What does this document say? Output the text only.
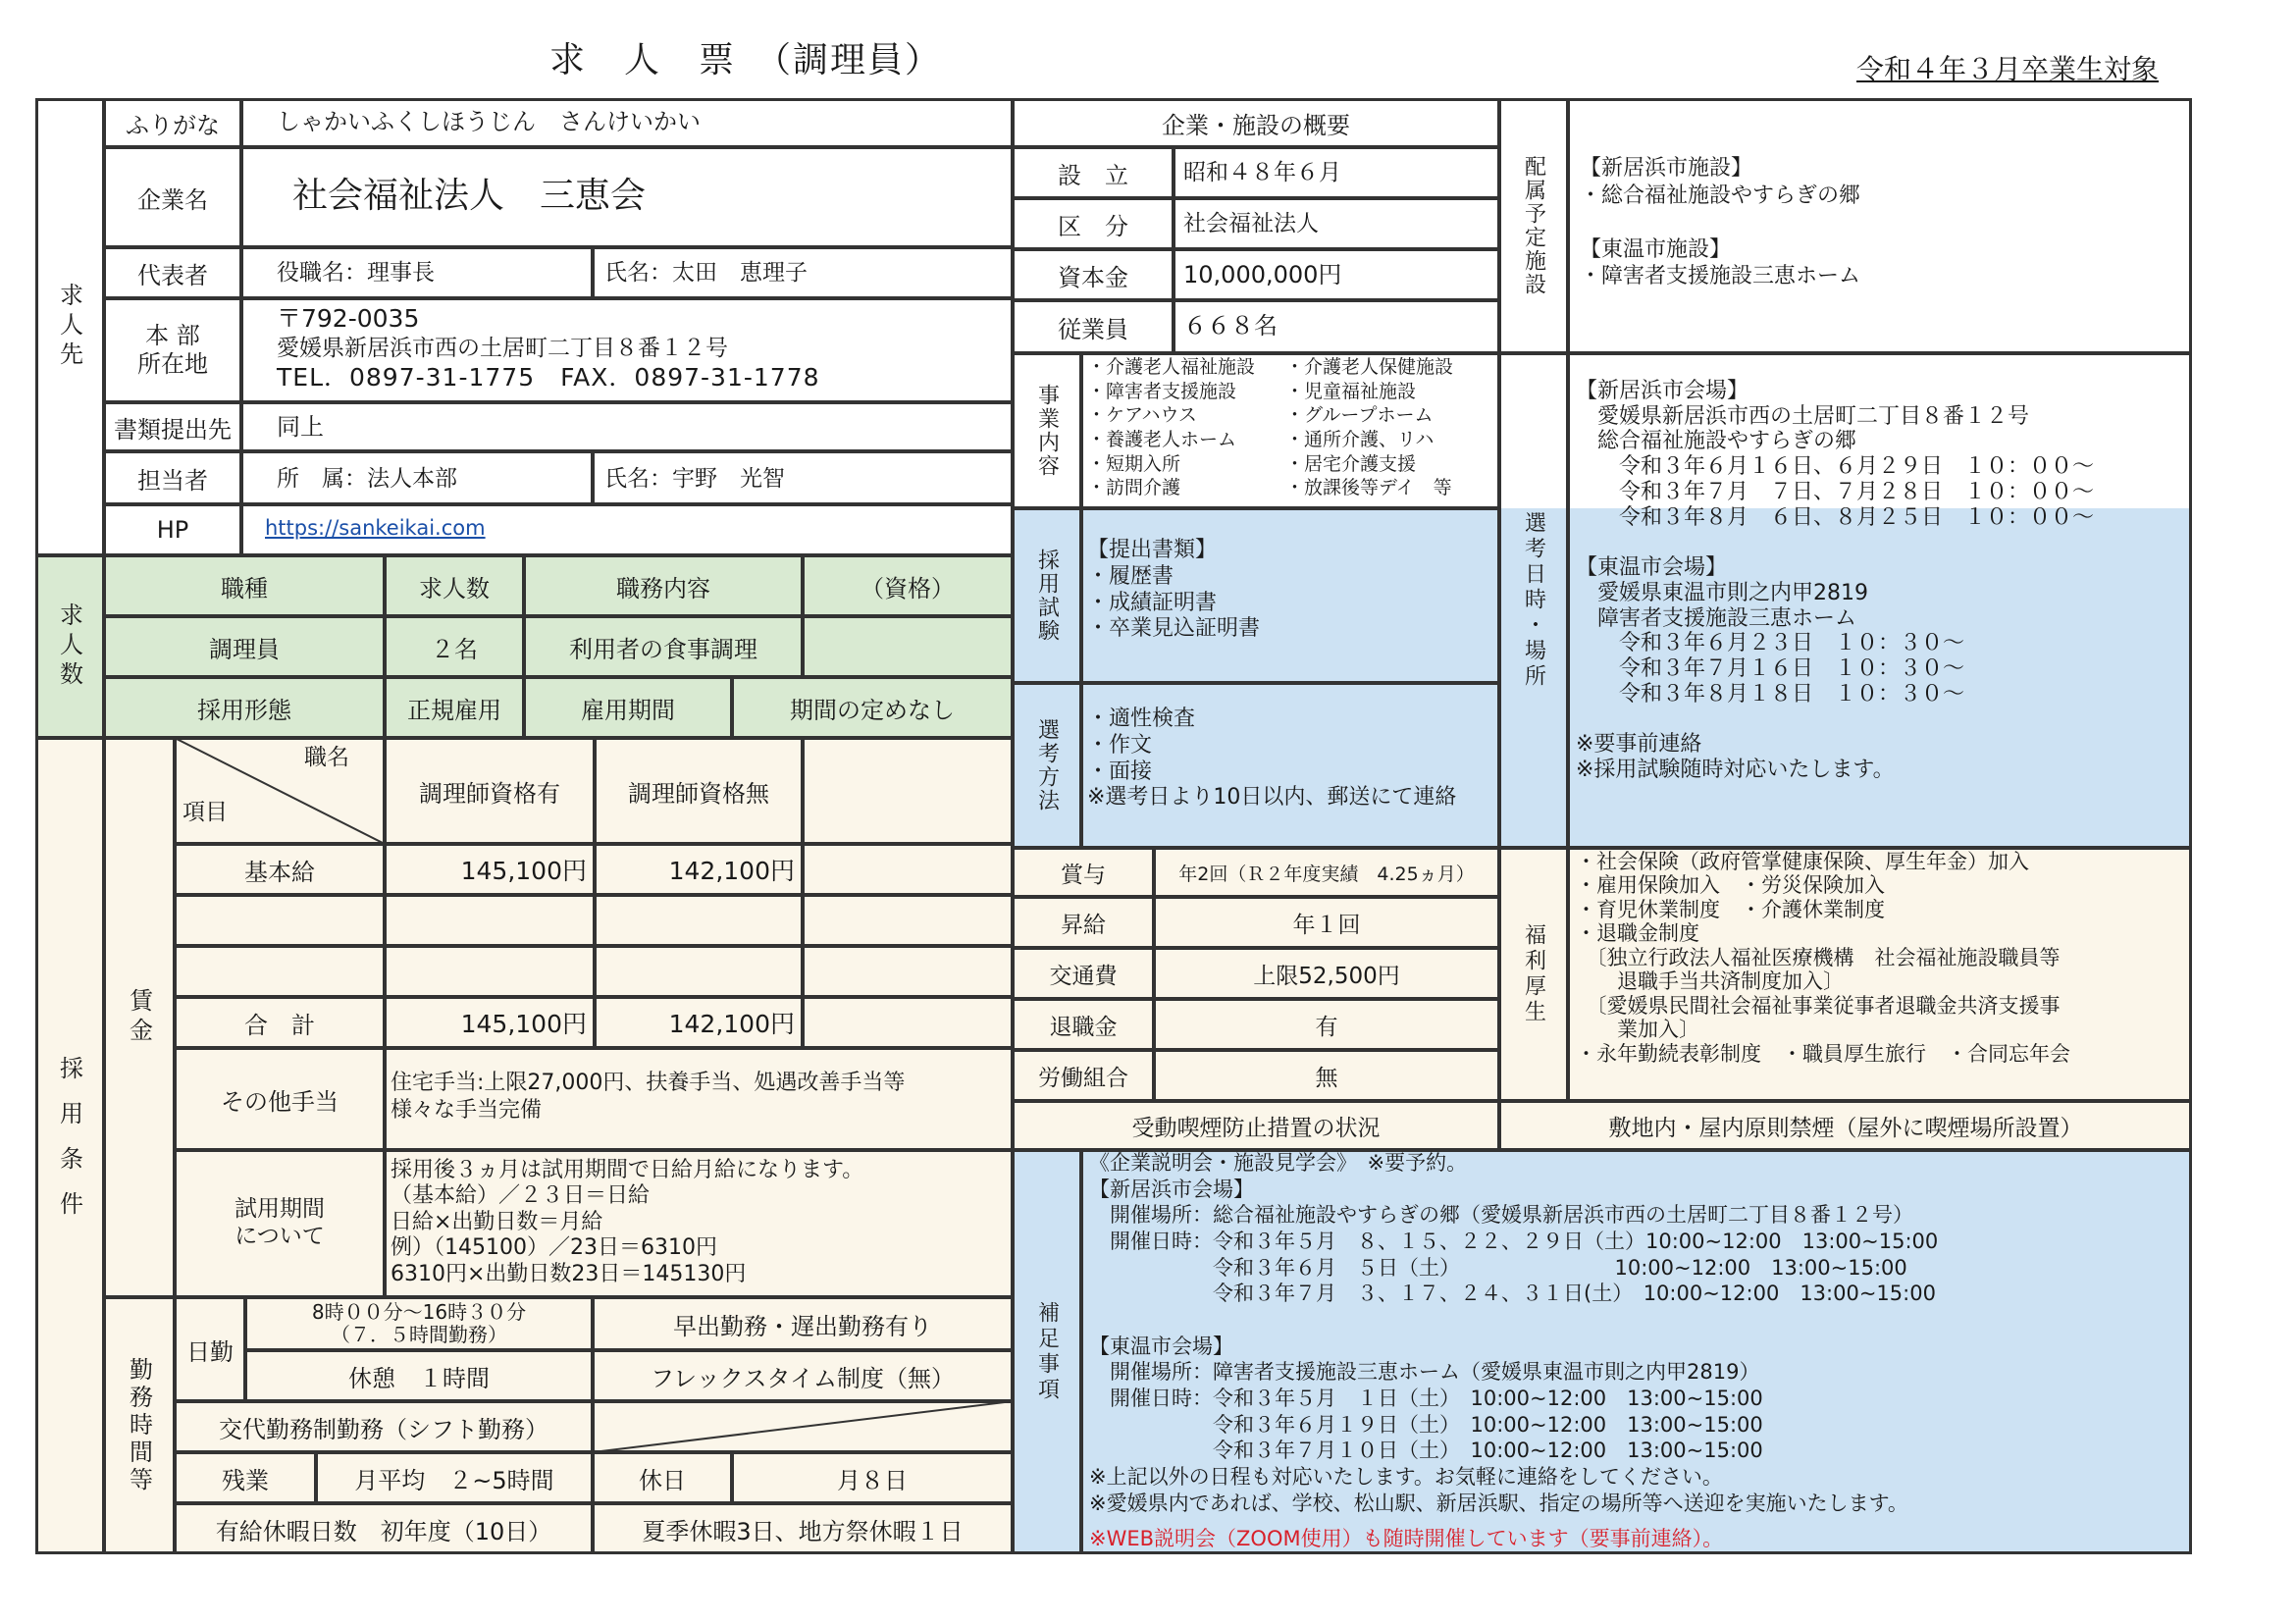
求　人　票　（調理員）	令和４年３月卒業生対象
求人先
ふりがな	しゃかいふくしほうじん　さんけいかい
企業名	社会福祉法人　三恵会
代表者	役職名：理事長	氏名：太田　恵理子
本 部
所在地
〒792-0035
愛媛県新居浜市西の土居町二丁目８番１２号
TEL．0897-31-1775　FAX．0897-31-1778
書類提出先	同上
担当者	所　属：法人本部	氏名：宇野　光智
HP	https://sankeikai.com
企業・施設の概要
設　立	昭和４８年６月
区　分	社会福祉法人
資本金	10,000,000円
従業員	６６８名
事業内容
・介護老人福祉施設
・障害者支援施設
・ケアハウス
・養護老人ホーム
・短期入所
・訪問介護
・介護老人保健施設
・児童福祉施設
・グループホーム
・通所介護、リハ
・居宅介護支援
・放課後等デイ　等
配属予定施設	【新居浜市施設】
・総合福祉施設やすらぎの郷

【東温市施設】
・障害者支援施設三恵ホーム
選考日時・場所
【新居浜市会場】
　愛媛県新居浜市西の土居町二丁目８番１２号
　総合福祉施設やすらぎの郷
　　令和３年６月１６日、６月２９日　１０：００～
　　令和３年７月　７日、７月２８日　１０：００～
　　令和３年８月　６日、８月２５日　１０：００～

【東温市会場】
　愛媛県東温市則之内甲2819
　障害者支援施設三恵ホーム
　　令和３年６月２３日　１０：３０～
　　令和３年７月１６日　１０：３０～
　　令和３年８月１８日　１０：３０～

※要事前連絡
※採用試験随時対応いたします。
採用試験	【提出書類】
・履歴書
・成績証明書
・卒業見込証明書
選考方法	・適性検査
・作文
・面接
※選考日より10日以内、郵送にて連絡
求人数
職種	求人数	職務内容	（資格）
調理員	２名	利用者の食事調理
採用形態	正規雇用	雇用期間	期間の定めなし
採用条件
賃金
職名
項目
調理師資格有	調理師資格無
基本給	145,100円	142,100円
合　計	145,100円	142,100円
その他手当
住宅手当:上限27,000円、扶養手当、処遇改善手当等
様々な手当完備
試用期間
について
採用後３ヵ月は試用期間で日給月給になります。
（基本給）／２３日＝日給
日給×出勤日数＝月給
例）（145100）／23日＝6310円
6310円×出勤日数23日＝145130円
勤務時間等
日勤
8時００分～16時３０分
（７．５時間勤務）	早出勤務・遅出勤務有り
休憩　１時間	フレックスタイム制度（無）
交代勤務制勤務（シフト勤務）
残業	月平均　２~5時間	休日	月８日
有給休暇日数　初年度（10日）	夏季休暇3日、地方祭休暇１日
賞与	年2回（Ｒ２年度実績　4.25ヵ月）
昇給	年１回
交通費	上限52,500円
退職金	有
労働組合	無
福利厚生
・社会保険（政府管掌健康保険、厚生年金）加入
・雇用保険加入　・労災保険加入
・育児休業制度　・介護休業制度
・退職金制度
　〔独立行政法人福祉医療機構　社会福祉施設職員等
　　退職手当共済制度加入〕
　〔愛媛県民間社会福祉事業従事者退職金共済支援事
　　業加入〕
・永年勤続表彰制度　・職員厚生旅行　・合同忘年会
受動喫煙防止措置の状況	敷地内・屋内原則禁煙（屋外に喫煙場所設置）
補足事項
《企業説明会・施設見学会》　※要予約。
【新居浜市会場】
　開催場所：総合福祉施設やすらぎの郷（愛媛県新居浜市西の土居町二丁目８番１２号）
　開催日時：令和３年５月　８、１５、２２、２９日（土）10:00~12:00　13:00~15:00
　　　　　　令和３年６月　５日（土）　　　　　　　　10:00~12:00　13:00~15:00
　　　　　　令和３年７月　３、１７、２４、３１日(土）　10:00~12:00　13:00~15:00

【東温市会場】
　開催場所：障害者支援施設三恵ホーム（愛媛県東温市則之内甲2819）
　開催日時：令和３年５月　１日（土）　10:00~12:00　13:00~15:00
　　　　　　令和３年６月１９日（土）　10:00~12:00　13:00~15:00
　　　　　　令和３年７月１０日（土）　10:00~12:00　13:00~15:00
※上記以外の日程も対応いたします。お気軽に連絡をしてください。
※愛媛県内であれば、学校、松山駅、新居浜駅、指定の場所等へ送迎を実施いたします。
※WEB説明会（ZOOM使用）も随時開催しています（要事前連絡）。
